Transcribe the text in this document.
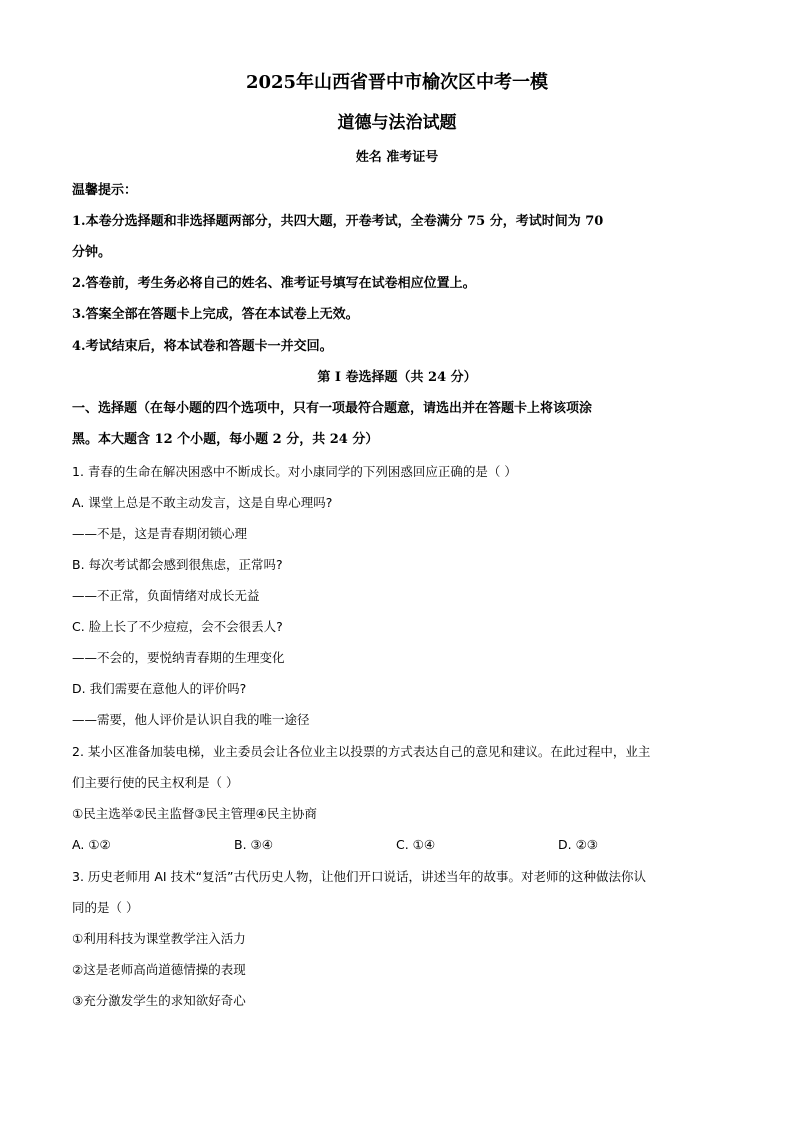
2025年山西省晋中市榆次区中考一模
道德与法治试题
姓名 准考证号
温馨提示：
1.本卷分选择题和非选择题两部分，共四大题，开卷考试，全卷满分 75 分，考试时间为 70
分钟。
2.答卷前，考生务必将自己的姓名、准考证号填写在试卷相应位置上。
3.答案全部在答题卡上完成，答在本试卷上无效。
4.考试结束后，将本试卷和答题卡一并交回。
第 I 卷选择题（共 24 分）
一、选择题（在每小题的四个选项中，只有一项最符合题意，请选出并在答题卡上将该项涂
黑。本大题含 12 个小题，每小题 2 分，共 24 分）
1. 青春的生命在解决困惑中不断成长。对小康同学的下列困惑回应正确的是（ ）
A. 课堂上总是不敢主动发言，这是自卑心理吗?
——不是，这是青春期闭锁心理
B. 每次考试都会感到很焦虑，正常吗?
——不正常，负面情绪对成长无益
C. 脸上长了不少痘痘，会不会很丢人?
——不会的，要悦纳青春期的生理变化
D. 我们需要在意他人的评价吗?
——需要，他人评价是认识自我的唯一途径
2. 某小区准备加装电梯，业主委员会让各位业主以投票的方式表达自己的意见和建议。在此过程中，业主
们主要行使的民主权利是（ ）
①民主选举②民主监督③民主管理④民主协商
A. ①②	B. ③④	C. ①④	D. ②③
3. 历史老师用 AI 技术“复活”古代历史人物，让他们开口说话，讲述当年的故事。对老师的这种做法你认
同的是（ ）
①利用科技为课堂教学注入活力
②这是老师高尚道德情操的表现
③充分激发学生的求知欲好奇心
